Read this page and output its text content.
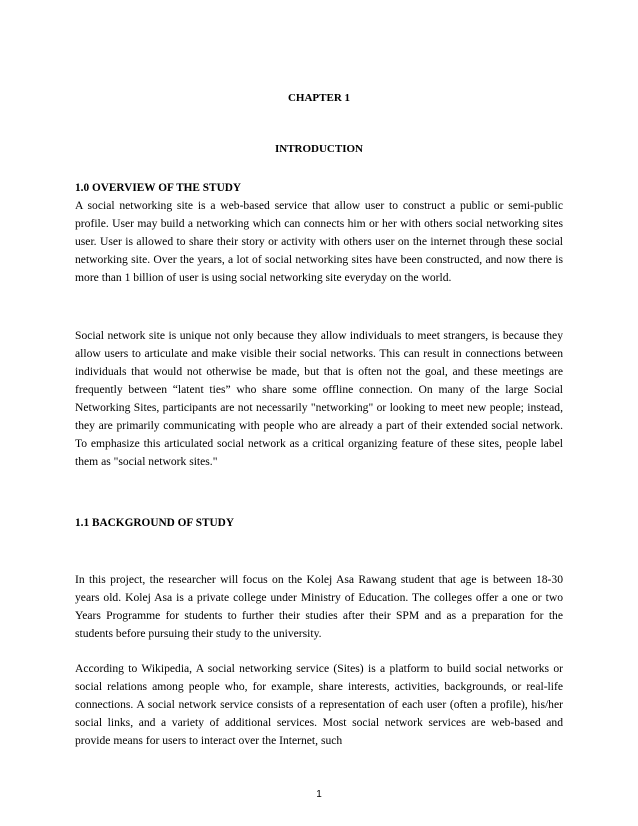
CHAPTER 1

INTRODUCTION

1.0 OVERVIEW OF THE STUDY

A social networking site is a web-based service that allow user to construct a public or semi-public profile. User may build a networking which can connects him or her with others social networking sites user. User is allowed to share their story or activity with others user on the internet through these social networking site. Over the years, a lot of social networking sites have been constructed, and now there is more than 1 billion of user is using social networking site everyday on the world.

Social network site is unique not only because they allow individuals to meet strangers, is because they allow users to articulate and make visible their social networks. This can result in connections between individuals that would not otherwise be made, but that is often not the goal, and these meetings are frequently between “latent ties” who share some offline connection. On many of the large Social Networking Sites, participants are not necessarily "networking" or looking to meet new people; instead, they are primarily communicating with people who are already a part of their extended social network. To emphasize this articulated social network as a critical organizing feature of these sites, people label them as "social network sites."

1.1 BACKGROUND OF STUDY

In this project, the researcher will focus on the Kolej Asa Rawang student that age is between 18-30 years old. Kolej Asa is a private college under Ministry of Education. The colleges offer a one or two Years Programme for students to further their studies after their SPM and as a preparation for the students before pursuing their study to the university.

According to Wikipedia, A social networking service (Sites) is a platform to build social networks or social relations among people who, for example, share interests, activities, backgrounds, or real-life connections. A social network service consists of a representation of each user (often a profile), his/her social links, and a variety of additional services. Most social network services are web-based and provide means for users to interact over the Internet, such

1
